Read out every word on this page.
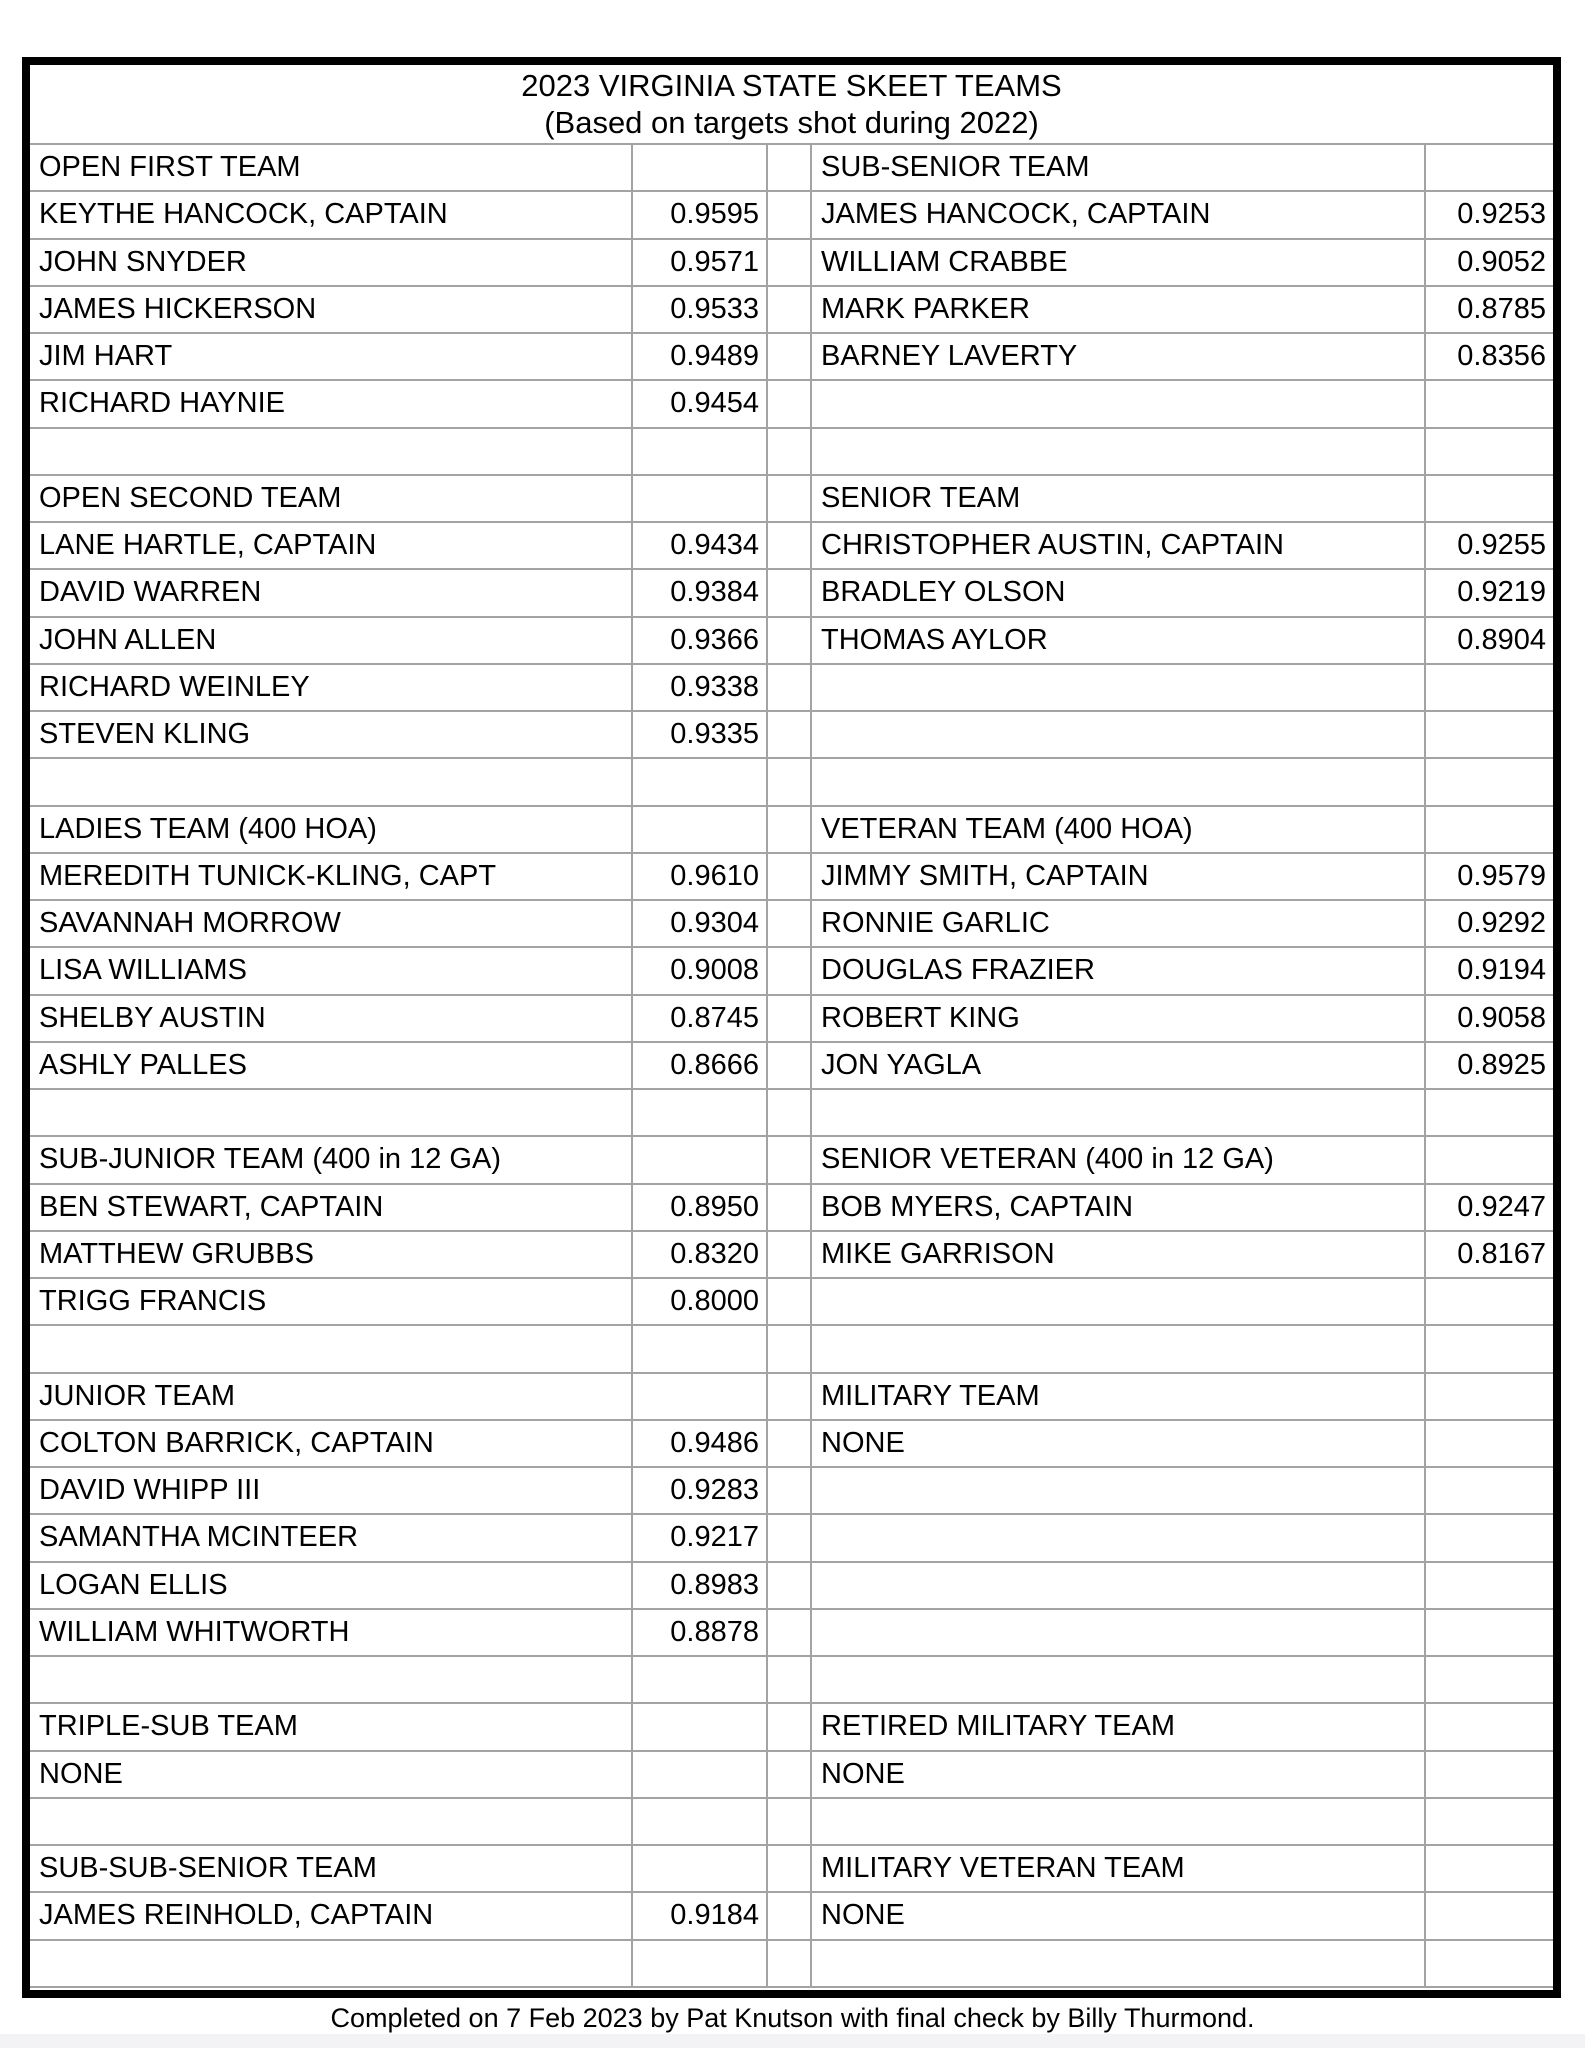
2023 VIRGINIA STATE SKEET TEAMS
(Based on targets shot during 2022)
OPEN FIRST TEAM	SUB-SENIOR TEAM
KEYTHE HANCOCK, CAPTAIN	0.9595	JAMES HANCOCK, CAPTAIN	0.9253
JOHN SNYDER	0.9571	WILLIAM CRABBE	0.9052
JAMES HICKERSON	0.9533	MARK PARKER	0.8785
JIM HART	0.9489	BARNEY LAVERTY	0.8356
RICHARD HAYNIE	0.9454
OPEN SECOND TEAM	SENIOR TEAM
LANE HARTLE, CAPTAIN	0.9434	CHRISTOPHER AUSTIN, CAPTAIN	0.9255
DAVID WARREN	0.9384	BRADLEY OLSON	0.9219
JOHN ALLEN	0.9366	THOMAS AYLOR	0.8904
RICHARD WEINLEY	0.9338
STEVEN KLING	0.9335
LADIES TEAM (400 HOA)	VETERAN TEAM (400 HOA)
MEREDITH TUNICK-KLING, CAPT	0.9610	JIMMY SMITH, CAPTAIN	0.9579
SAVANNAH MORROW	0.9304	RONNIE GARLIC	0.9292
LISA WILLIAMS	0.9008	DOUGLAS FRAZIER	0.9194
SHELBY AUSTIN	0.8745	ROBERT KING	0.9058
ASHLY PALLES	0.8666	JON YAGLA	0.8925
SUB-JUNIOR TEAM (400 in 12 GA)	SENIOR VETERAN (400 in 12 GA)
BEN STEWART, CAPTAIN	0.8950	BOB MYERS, CAPTAIN	0.9247
MATTHEW GRUBBS	0.8320	MIKE GARRISON	0.8167
TRIGG FRANCIS	0.8000
JUNIOR TEAM	MILITARY TEAM
COLTON BARRICK, CAPTAIN	0.9486	NONE
DAVID WHIPP III	0.9283
SAMANTHA MCINTEER	0.9217
LOGAN ELLIS	0.8983
WILLIAM WHITWORTH	0.8878
TRIPLE-SUB TEAM	RETIRED MILITARY TEAM
NONE	NONE
SUB-SUB-SENIOR TEAM	MILITARY VETERAN TEAM
JAMES REINHOLD, CAPTAIN	0.9184	NONE
Completed on 7 Feb 2023 by Pat Knutson with final check by Billy Thurmond.
